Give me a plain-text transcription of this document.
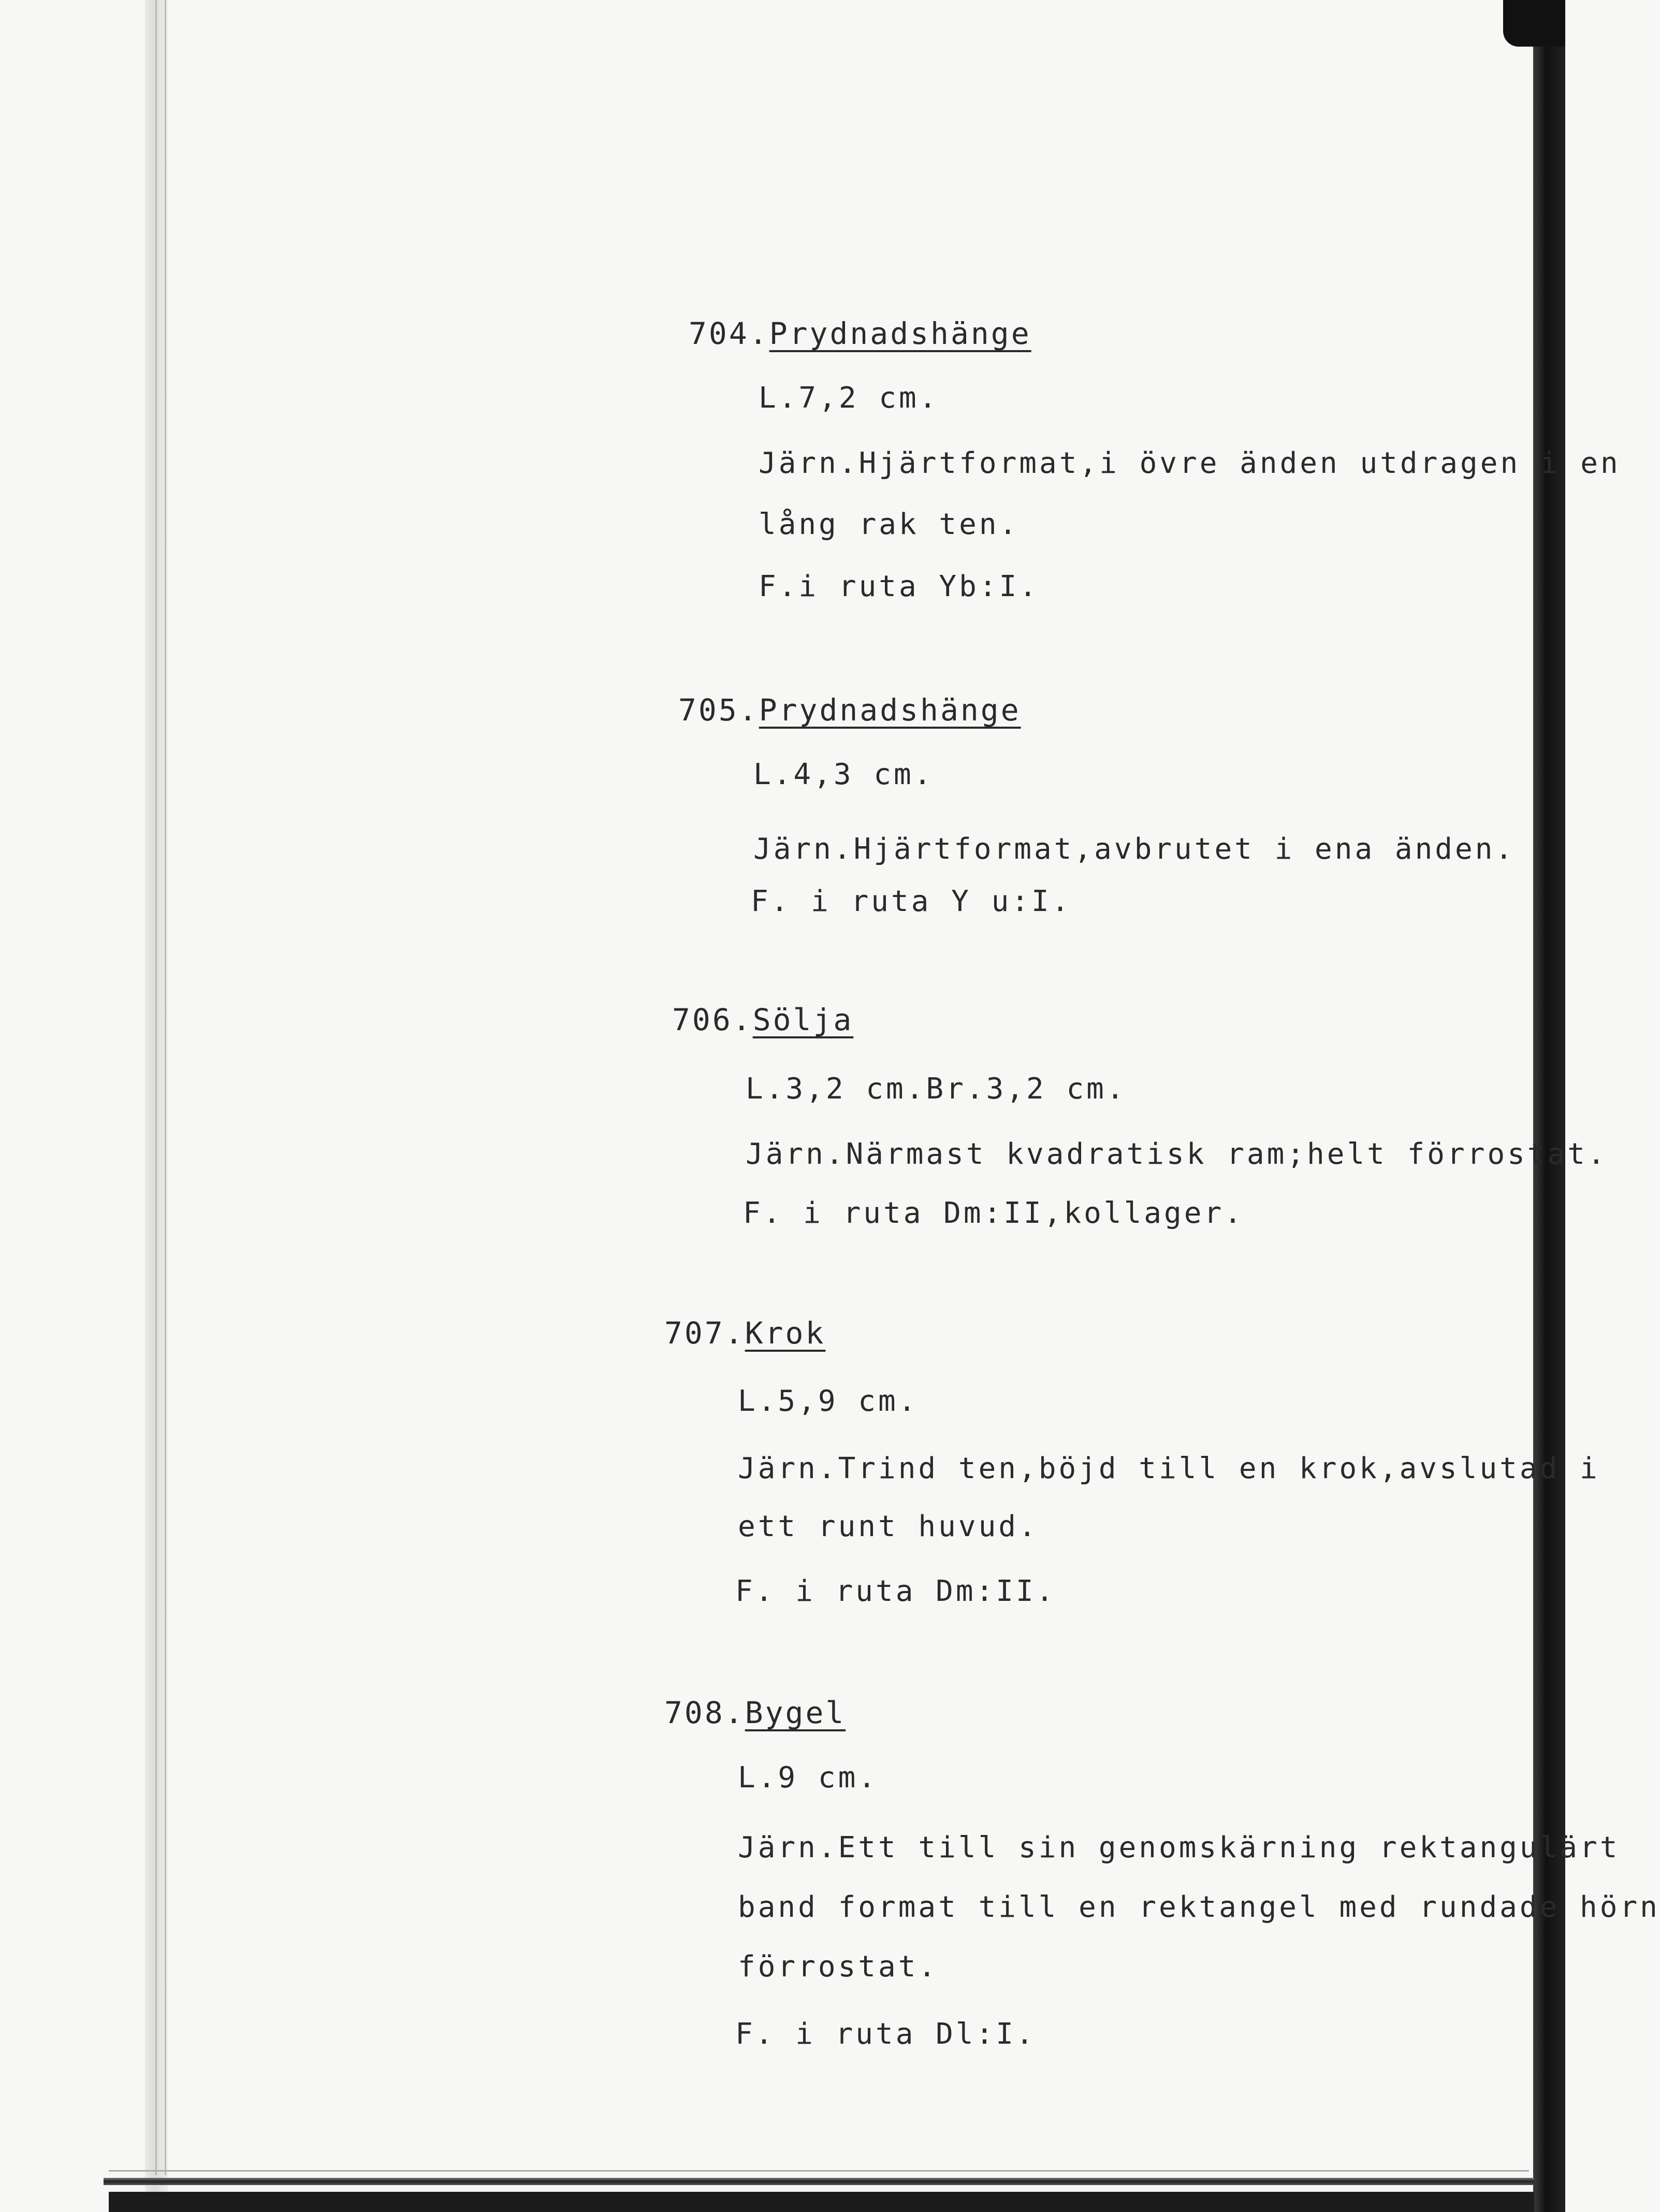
704.Prydnadshänge
L.7,2 cm.
Järn.Hjärtformat,i övre änden utdragen i en
lång rak ten.
F.i ruta Yb:I.
705.Prydnadshänge
L.4,3 cm.
Järn.Hjärtformat,avbrutet i ena änden.
F. i ruta Y u:I.
706.Sölja
L.3,2 cm.Br.3,2 cm.
Järn.Närmast kvadratisk ram;helt förrostat.
F. i ruta Dm:II,kollager.
707.Krok
L.5,9 cm.
Järn.Trind ten,böjd till en krok,avslutad i
ett runt huvud.
F. i ruta Dm:II.
708.Bygel
L.9 cm.
Järn.Ett till sin genomskärning rektangulärt
band format till en rektangel med rundade hörn
förrostat.
F. i ruta Dl:I.
